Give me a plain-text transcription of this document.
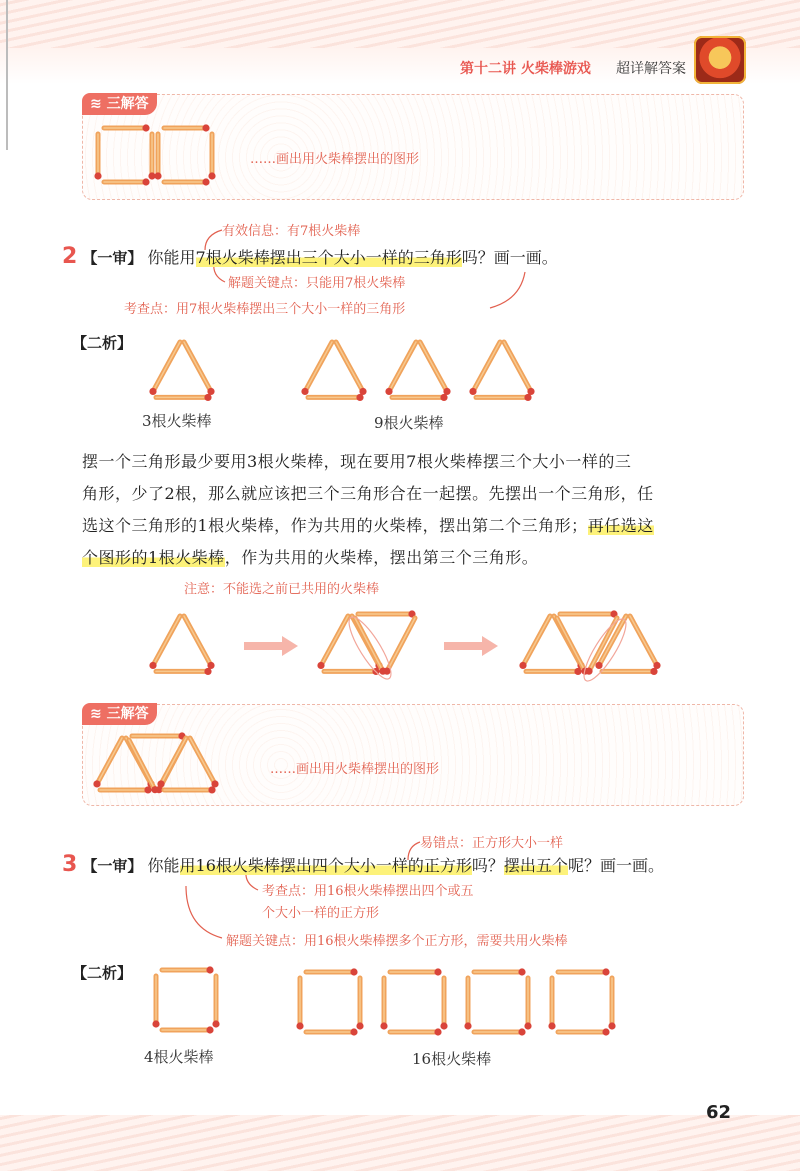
第十二讲 火柴棒游戏 超详解答案
≋ 三解答
……画出用火柴棒摆出的图形
有效信息：有7根火柴棒
2 【一审】 你能用7根火柴棒摆出三个大小一样的三角形吗？画一画。
解题关键点：只能用7根火柴棒
考查点：用7根火柴棒摆出三个大小一样的三角形
【二析】
3根火柴棒	9根火柴棒
摆一个三角形最少要用3根火柴棒，现在要用7根火柴棒摆三个大小一样的三
角形，少了2根，那么就应该把三个三角形合在一起摆。先摆出一个三角形，任
选这个三角形的1根火柴棒，作为共用的火柴棒，摆出第二个三角形；再任选这
个图形的1根火柴棒，作为共用的火柴棒，摆出第三个三角形。
注意：不能选之前已共用的火柴棒
≋ 三解答
……画出用火柴棒摆出的图形
易错点：正方形大小一样
3 【一审】 你能用16根火柴棒摆出四个大小一样的正方形吗？摆出五个呢？画一画。
考查点：用16根火柴棒摆出四个或五
个大小一样的正方形
解题关键点：用16根火柴棒摆多个正方形，需要共用火柴棒
【二析】
4根火柴棒	16根火柴棒
62
